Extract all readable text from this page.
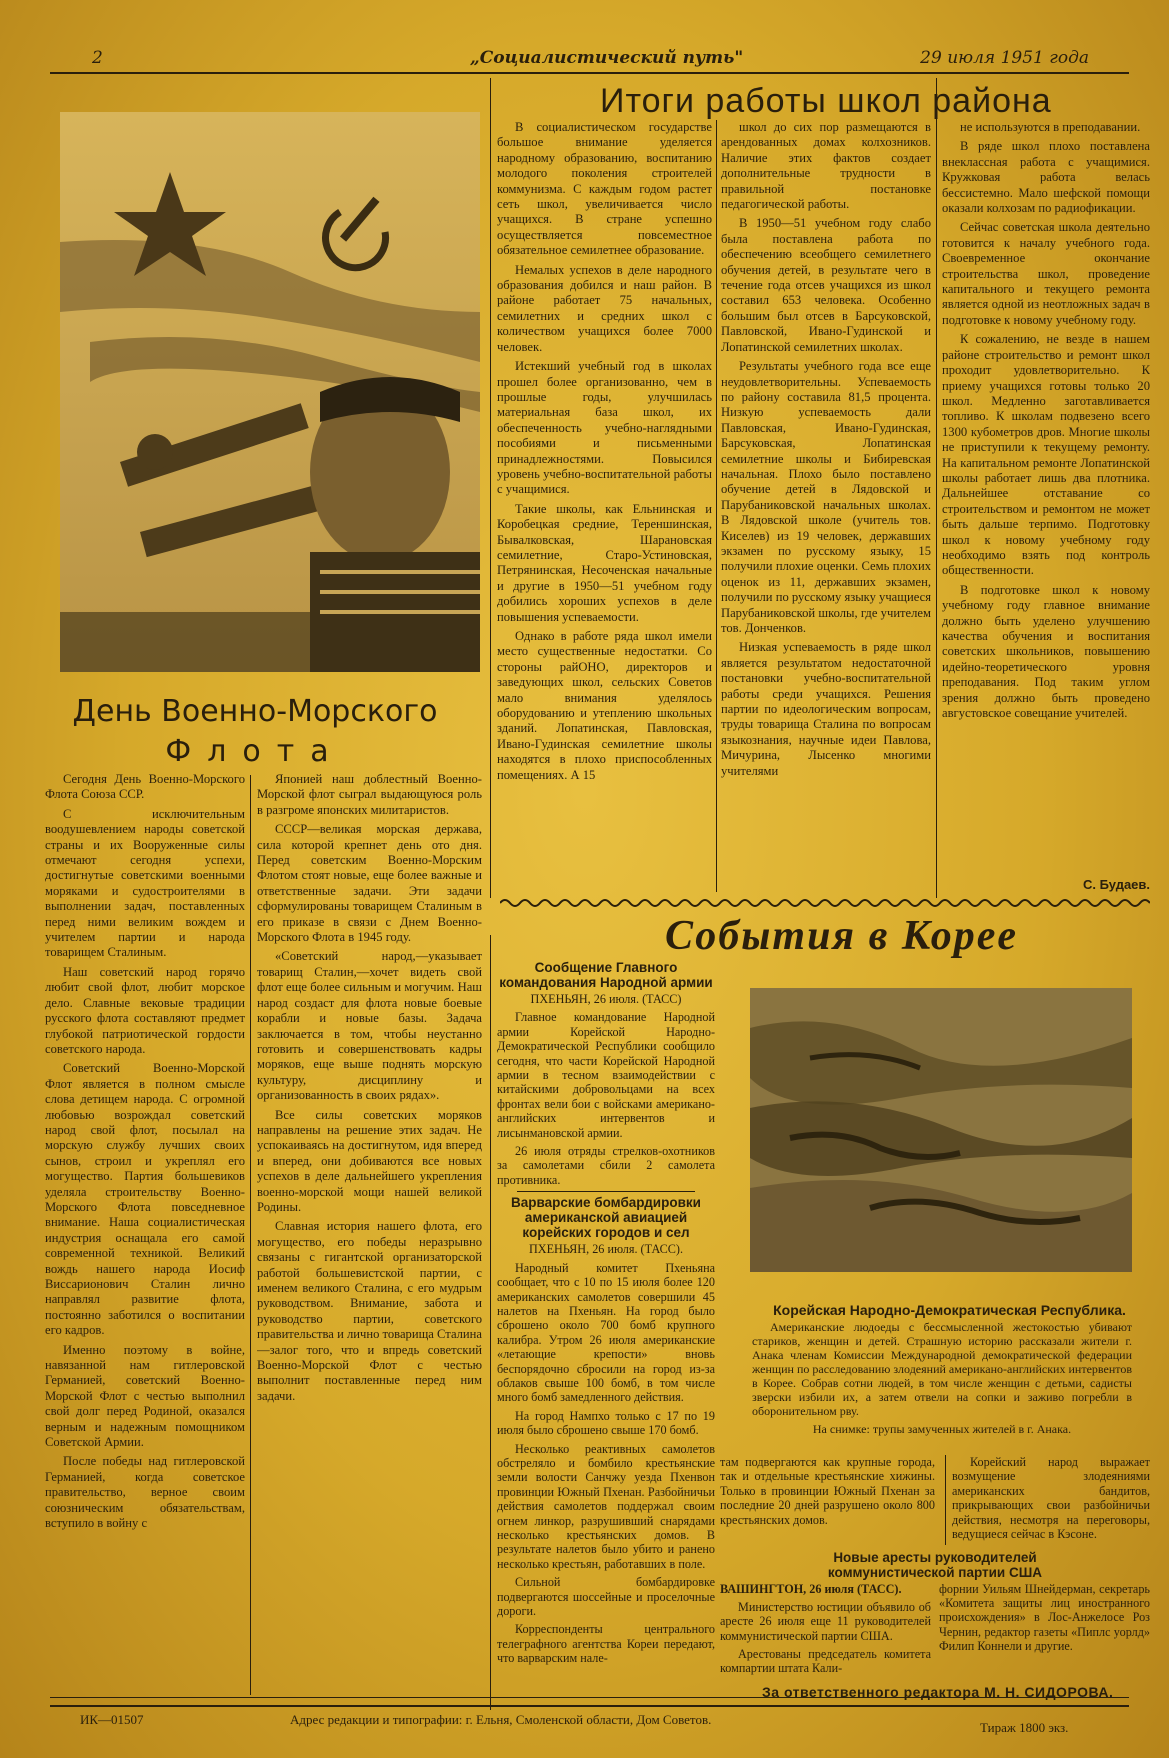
2	„Социалистический путь"	29 июля 1951 года
День Военно-Морского
Флота

Сегодня День Военно-Морского Флота Союза ССР.

С исключительным воодушевлением народы советской страны и их Вооруженные силы отмечают сегодня успехи, достигнутые советскими военными моряками и судостроителями в выполнении задач, поставленных перед ними великим вождем и учителем партии и народа товарищем Сталиным.

Наш советский народ горячо любит свой флот, любит морское дело. Славные вековые традиции русского флота составляют предмет глубокой патриотической гордости советского народа.

Советский Военно-Морской Флот является в полном смысле слова детищем народа. С огромной любовью возрождал советский народ свой флот, посылал на морскую службу лучших своих сынов, строил и укреплял его могущество. Партия большевиков уделяла строительству Военно-Морского Флота повседневное внимание. Наша социалистическая индустрия оснащала его самой современной техникой. Великий вождь нашего народа Иосиф Виссарионович Сталин лично направлял развитие флота, постоянно заботился о воспитании его кадров.

Именно поэтому в войне, навязанной нам гитлеровской Германией, советский Военно-Морской Флот с честью выполнил свой долг перед Родиной, оказался верным и надежным помощником Советской Армии.

После победы над гитлеровской Германией, когда советское правительство, верное своим союзническим обязательствам, вступило в войну с

Японией наш доблестный Военно-Морской флот сыграл выдающуюся роль в разгроме японских милитаристов.

СССР—великая морская держава, сила которой крепнет день ото дня. Перед советским Военно-Морским Флотом стоят новые, еще более важные и ответственные задачи. Эти задачи сформулированы товарищем Сталиным в его приказе в связи с Днем Военно-Морского Флота в 1945 году.

«Советский народ,—указывает товарищ Сталин,—хочет видеть свой флот еще более сильным и могучим. Наш народ создаст для флота новые боевые корабли и новые базы. Задача заключается в том, чтобы неустанно готовить и совершенствовать кадры моряков, еще выше поднять морскую культуру, дисциплину и организованность в своих рядах».

Все силы советских моряков направлены на решение этих задач. Не успокаиваясь на достигнутом, идя вперед и вперед, они добиваются все новых успехов в деле дальнейшего укрепления военно-морской мощи нашей великой Родины.

Славная история нашего флота, его могущество, его победы неразрывно связаны с гигантской организаторской работой большевистской партии, с именем великого Сталина, с его мудрым руководством. Внимание, забота и руководство партии, советского правительства и лично товарища Сталина—залог того, что и впредь советский Военно-Морской Флот с честью выполнит поставленные перед ним задачи.

Итоги работы школ района

В социалистическом государстве большое внимание уделяется народному образованию, воспитанию молодого поколения строителей коммунизма. С каждым годом растет сеть школ, увеличивается число учащихся. В стране успешно осуществляется повсеместное обязательное семилетнее образование.

Немалых успехов в деле народного образования добился и наш район. В районе работает 75 начальных, семилетних и средних школ с количеством учащихся более 7000 человек.

Истекший учебный год в школах прошел более организованно, чем в прошлые годы, улучшилась материальная база школ, их обеспеченность учебно-наглядными пособиями и письменными принадлежностями. Повысился уровень учебно-воспитательной работы с учащимися.

Такие школы, как Ельнинская и Коробецкая средние, Тереншинская, Бывалковская, Шарановская семилетние, Старо-Устиновская, Петрянинская, Несоченская начальные и другие в 1950—51 учебном году добились хороших успехов в деле повышения успеваемости.

Однако в работе ряда школ имели место существенные недостатки. Со стороны райОНО, директоров и заведующих школ, сельских Советов мало внимания уделялось оборудованию и утеплению школьных зданий. Лопатинская, Павловская, Ивано-Гудинская семилетние школы находятся в плохо приспособленных помещениях. А 15

школ до сих пор размещаются в арендованных домах колхозников. Наличие этих фактов создает дополнительные трудности в правильной постановке педагогической работы.

В 1950—51 учебном году слабо была поставлена работа по обеспечению всеобщего семилетнего обучения детей, в результате чего в течение года отсев учащихся из школ составил 653 человека. Особенно большим был отсев в Барсуковской, Павловской, Ивано-Гудинской и Лопатинской семилетних школах.

Результаты учебного года все еще неудовлетворительны. Успеваемость по району составила 81,5 процента. Низкую успеваемость дали Павловская, Ивано-Гудинская, Барсуковская, Лопатинская семилетние школы и Бибиревская начальная. Плохо было поставлено обучение детей в Лядовской и Парубаниковской начальных школах. В Лядовской школе (учитель тов. Киселев) из 19 человек, державших экзамен по русскому языку, 15 получили плохие оценки. Семь плохих оценок из 11, державших экзамен, получили по русскому языку учащиеся Парубаниковской школы, где учителем тов. Донченков.

Низкая успеваемость в ряде школ является результатом недостаточной постановки учебно-воспитательной работы среди учащихся. Решения партии по идеологическим вопросам, труды товарища Сталина по вопросам языкознания, научные идеи Павлова, Мичурина, Лысенко многими учителями

не используются в преподавании.

В ряде школ плохо поставлена внеклассная работа с учащимися. Кружковая работа велась бессистемно. Мало шефской помощи оказали колхозам по радиофикации.

Сейчас советская школа деятельно готовится к началу учебного года. Своевременное окончание строительства школ, проведение капитального и текущего ремонта является одной из неотложных задач в подготовке к новому учебному году.

К сожалению, не везде в нашем районе строительство и ремонт школ проходит удовлетворительно. К приему учащихся готовы только 20 школ. Медленно заготавливается топливо. К школам подвезено всего 1300 кубометров дров. Многие школы не приступили к текущему ремонту. На капитальном ремонте Лопатинской школы работает лишь два плотника. Дальнейшее отставание со строительством и ремонтом не может быть дальше терпимо. Подготовку школ к новому учебному году необходимо взять под контроль общественности.

В подготовке школ к новому учебному году главное внимание должно быть уделено улучшению качества обучения и воспитания советских школьников, повышению идейно-теоретического уровня преподавания. Под таким углом зрения должно быть проведено августовское совещание учителей.

С. Будаев.
События в Корее
Сообщение Главного командования Народной армии

ПХЕНЬЯН, 26 июля. (ТАСС)

Главное командование Народной армии Корейской Народно-Демократической Республики сообщило сегодня, что части Корейской Народной армии в тесном взаимодействии с китайскими добровольцами на всех фронтах вели бои с войсками американо-английских интервентов и лисынмановской армии.

26 июля отряды стрелков-охотников за самолетами сбили 2 самолета противника.

Варварские бомбардировки американской авиацией корейских городов и сел

ПХЕНЬЯН, 26 июля. (ТАСС).

Народный комитет Пхеньяна сообщает, что с 10 по 15 июля более 120 американских самолетов совершили 45 налетов на Пхеньян. На город было сброшено около 700 бомб крупного калибра. Утром 26 июля американские «летающие крепости» вновь беспорядочно сбросили на город из-за облаков свыше 100 бомб, в том числе много бомб замедленного действия.

На город Нампхо только с 17 по 19 июля было сброшено свыше 170 бомб.

Несколько реактивных самолетов обстреляло и бомбило крестьянские земли волости Санчжу уезда Пхенвон провинции Южный Пхенан. Разбойничьи действия самолетов поддержал своим огнем линкор, разрушивший снарядами несколько крестьянских домов. В результате налетов было убито и ранено несколько крестьян, работавших в поле.

Сильной бомбардировке подвергаются шоссейные и проселочные дороги.

Корреспонденты центрального телеграфного агентства Кореи передают, что варварским нале-

Корейская Народно-Демократическая Республика.

Американские людоеды с бессмысленной жестокостью убивают стариков, женщин и детей. Страшную историю рассказали жители г. Анака членам Комиссии Международной демократической федерации женщин по расследованию злодеяний американо-английских интервентов в Корее. Собрав сотни людей, в том числе женщин с детьми, садисты зверски избили их, а затем отвели на сопки и заживо погребли в оборонительном рву.

На снимке: трупы замученных жителей в г. Анака.

там подвергаются как крупные города, так и отдельные крестьянские хижины. Только в провинции Южный Пхенан за последние 20 дней разрушено около 800 крестьянских домов.

Корейский народ выражает возмущение злодеяниями американских бандитов, прикрывающих свои разбойничьи действия, несмотря на переговоры, ведущиеся сейчас в Кэсоне.

Новые аресты руководителей коммунистической партии США

ВАШИНГТОН, 26 июля (ТАСС).

Министерство юстиции объявило об аресте 26 июля еще 11 руководителей коммунистической партии США.

Арестованы председатель комитета компартии штата Кали-

форнии Уильям Шнейдерман, секретарь «Комитета защиты лиц иностранного происхождения» в Лос-Анжелосе Роз Чернин, редактор газеты «Пиплс уорлд» Филип Коннели и другие.

За ответственного редактора М. Н. СИДОРОВА.
ИК—01507	Адрес редакции и типографии: г. Ельня, Смоленской области, Дом Советов.
Тираж 1800 экз.
